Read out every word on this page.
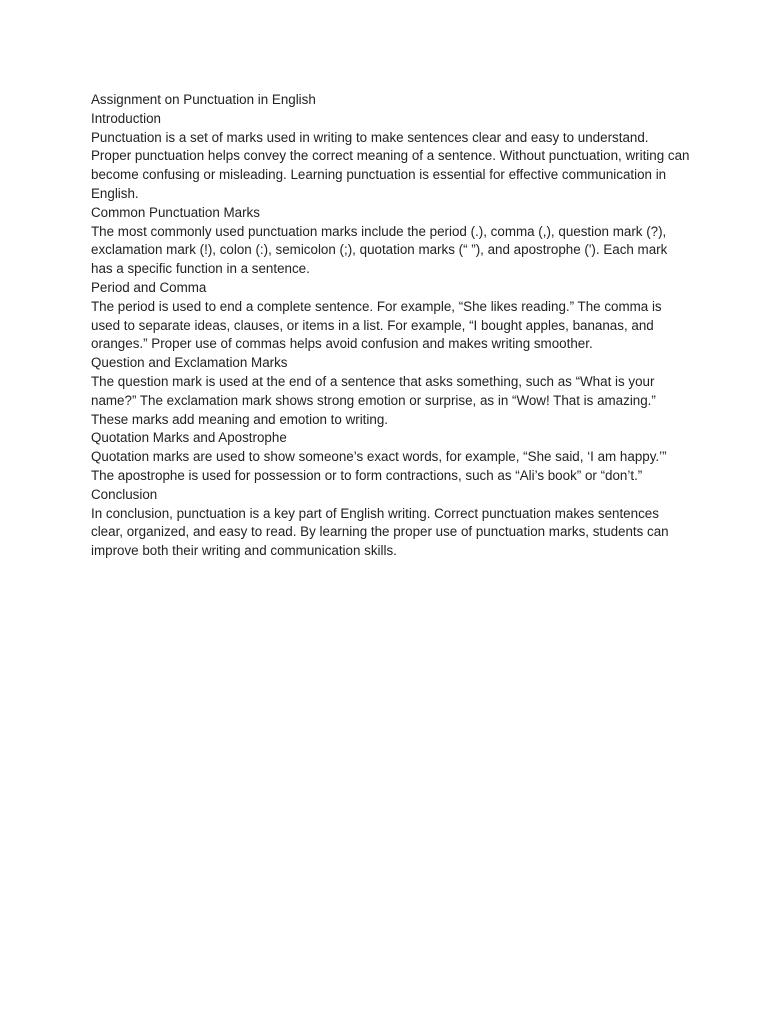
Assignment on Punctuation in English

Introduction

Punctuation is a set of marks used in writing to make sentences clear and easy to understand. Proper punctuation helps convey the correct meaning of a sentence. Without punctuation, writing can become confusing or misleading. Learning punctuation is essential for effective communication in English.

Common Punctuation Marks

The most commonly used punctuation marks include the period (.), comma (,), question mark (?), exclamation mark (!), colon (:), semicolon (;), quotation marks (“ ”), and apostrophe ('). Each mark has a specific function in a sentence.

Period and Comma

The period is used to end a complete sentence. For example, “She likes reading.” The comma is used to separate ideas, clauses, or items in a list. For example, “I bought apples, bananas, and oranges.” Proper use of commas helps avoid confusion and makes writing smoother.

Question and Exclamation Marks

The question mark is used at the end of a sentence that asks something, such as “What is your name?” The exclamation mark shows strong emotion or surprise, as in “Wow! That is amazing.” These marks add meaning and emotion to writing.

Quotation Marks and Apostrophe

Quotation marks are used to show someone’s exact words, for example, “She said, ‘I am happy.’” The apostrophe is used for possession or to form contractions, such as “Ali’s book” or “don’t.”

Conclusion

In conclusion, punctuation is a key part of English writing. Correct punctuation makes sentences clear, organized, and easy to read. By learning the proper use of punctuation marks, students can improve both their writing and communication skills.
